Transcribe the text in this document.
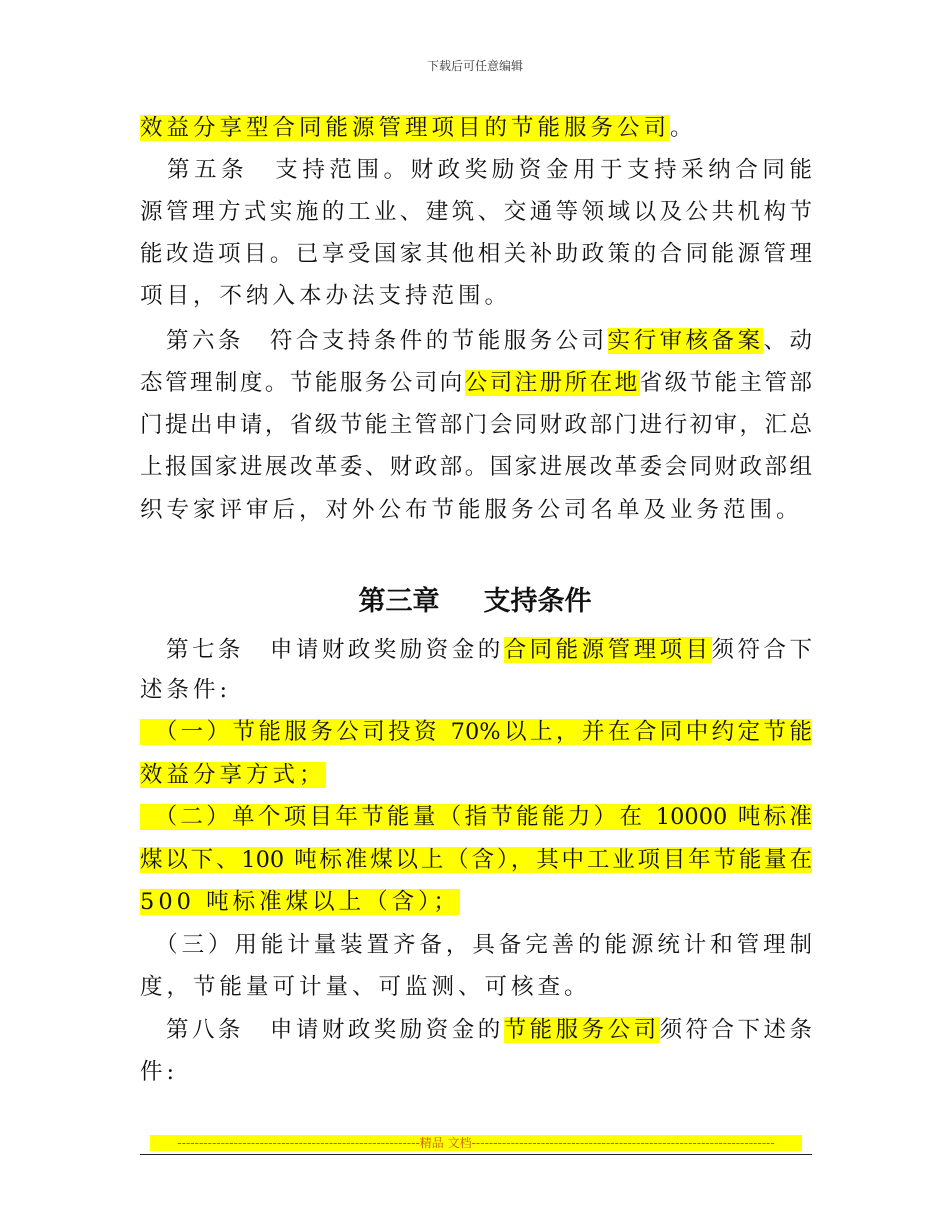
下载后可任意编辑
效益分享型合同能源管理项目的节能服务公司。
　第五条　支持范围。财政奖励资金用于支持采纳合同能
源管理方式实施的工业、建筑、交通等领域以及公共机构节
能改造项目。已享受国家其他相关补助政策的合同能源管理
项目，不纳入本办法支持范围。
　第六条　符合支持条件的节能服务公司实行审核备案、动
态管理制度。节能服务公司向公司注册所在地省级节能主管部
门提出申请，省级节能主管部门会同财政部门进行初审，汇总
上报国家进展改革委、财政部。国家进展改革委会同财政部组
织专家评审后，对外公布节能服务公司名单及业务范围。
　第七条　申请财政奖励资金的合同能源管理项目须符合下
述条件:
　（一）节能服务公司投资 70%以上，并在合同中约定节能
效益分享方式；
　（二）单个项目年节能量（指节能能力）在 10000 吨标准
煤以下、100 吨标准煤以上（含），其中工业项目年节能量在
500 吨标准煤以上（含）；
　（三）用能计量装置齐备，具备完善的能源统计和管理制
度，节能量可计量、可监测、可核查。
　第八条　申请财政奖励资金的节能服务公司须符合下述条
件:
第三章 支持条件
--------------------------------------------------------精品 文档----------------------------------------------------------------------
